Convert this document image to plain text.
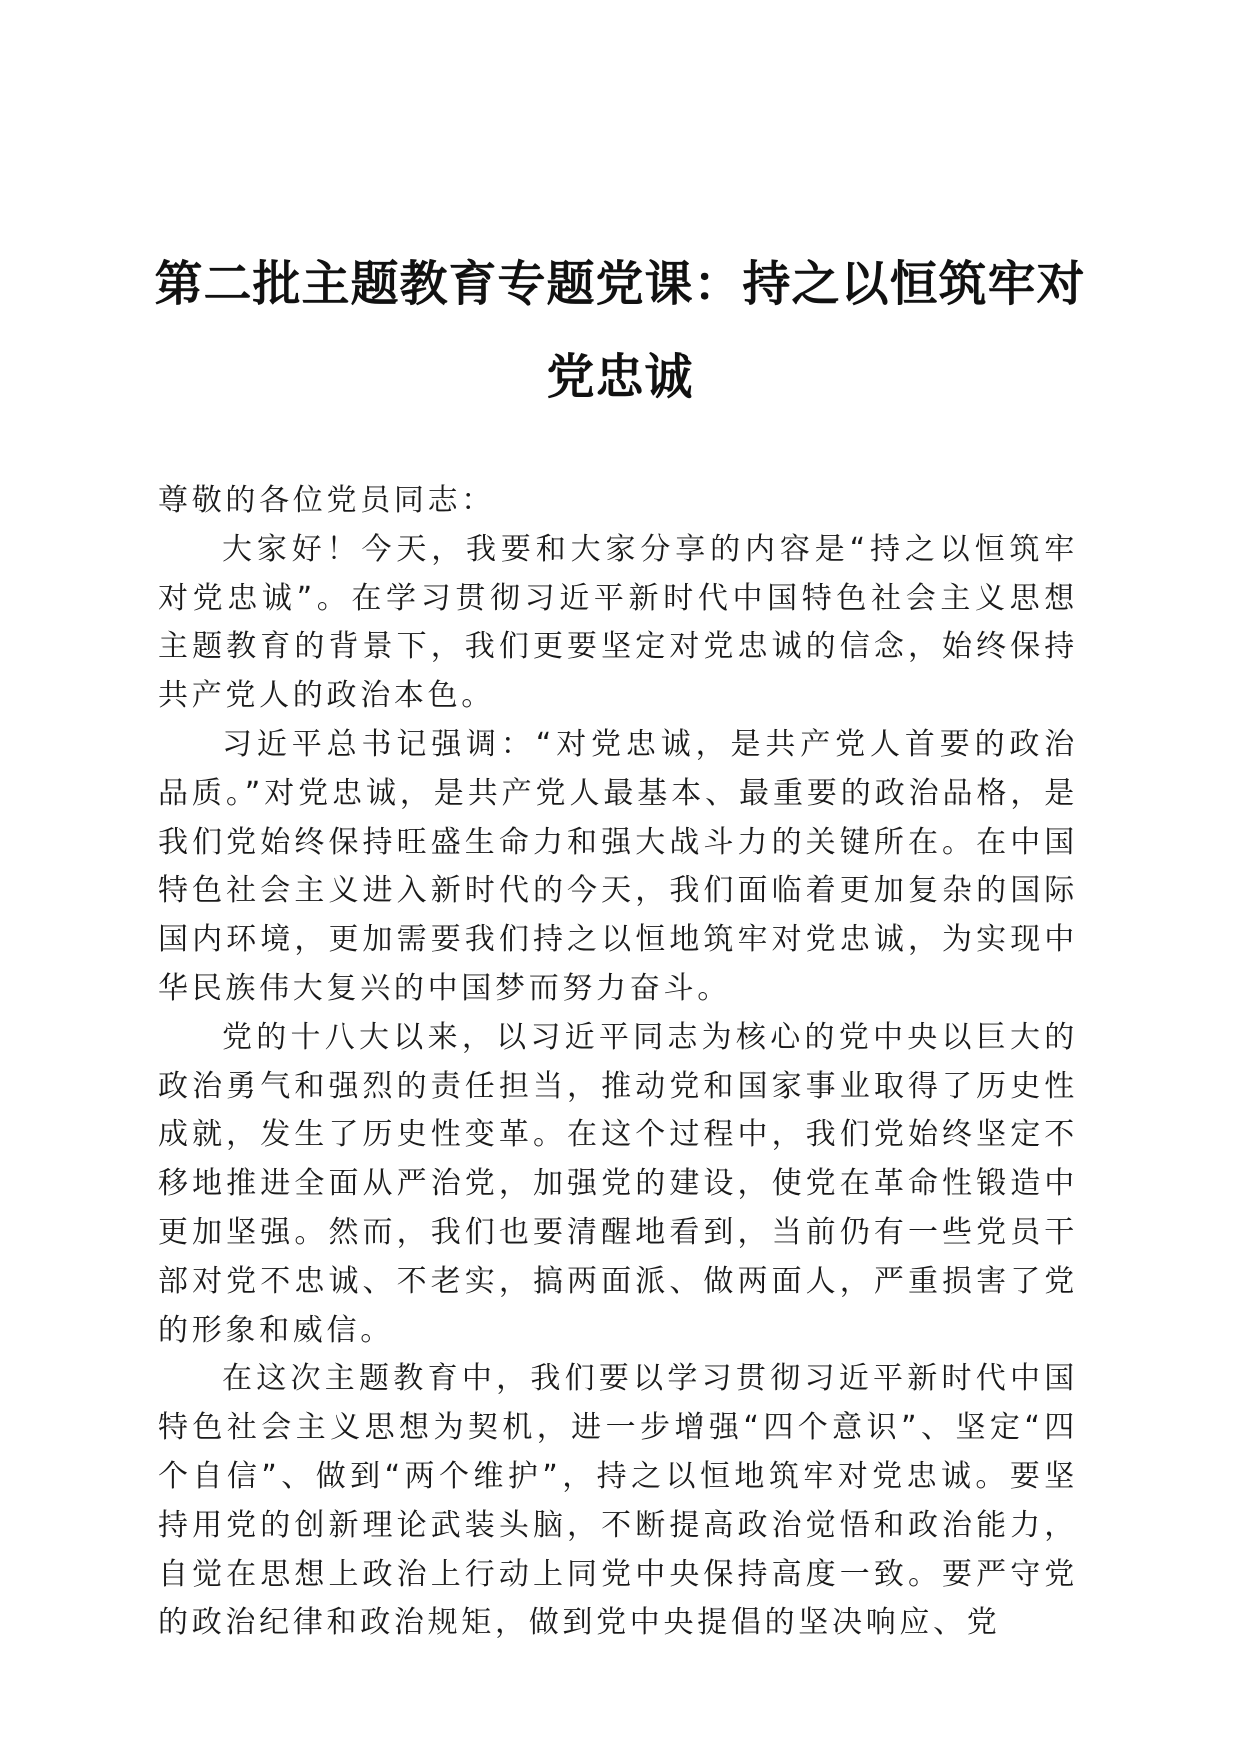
第二批主题教育专题党课：持之以恒筑牢对党忠诚

尊敬的各位党员同志：

大家好！今天，我要和大家分享的内容是“持之以恒筑牢对党忠诚”。在学习贯彻习近平新时代中国特色社会主义思想主题教育的背景下，我们更要坚定对党忠诚的信念，始终保持共产党人的政治本色。

习近平总书记强调：“对党忠诚，是共产党人首要的政治品质。”对党忠诚，是共产党人最基本、最重要的政治品格，是我们党始终保持旺盛生命力和强大战斗力的关键所在。在中国特色社会主义进入新时代的今天，我们面临着更加复杂的国际国内环境，更加需要我们持之以恒地筑牢对党忠诚，为实现中华民族伟大复兴的中国梦而努力奋斗。

党的十八大以来，以习近平同志为核心的党中央以巨大的政治勇气和强烈的责任担当，推动党和国家事业取得了历史性成就，发生了历史性变革。在这个过程中，我们党始终坚定不移地推进全面从严治党，加强党的建设，使党在革命性锻造中更加坚强。然而，我们也要清醒地看到，当前仍有一些党员干部对党不忠诚、不老实，搞两面派、做两面人，严重损害了党的形象和威信。

在这次主题教育中，我们要以学习贯彻习近平新时代中国特色社会主义思想为契机，进一步增强“四个意识”、坚定“四个自信”、做到“两个维护”，持之以恒地筑牢对党忠诚。要坚持用党的创新理论武装头脑，不断提高政治觉悟和政治能力，自觉在思想上政治上行动上同党中央保持高度一致。要严守党的政治纪律和政治规矩，做到党中央提倡的坚决响应、党
